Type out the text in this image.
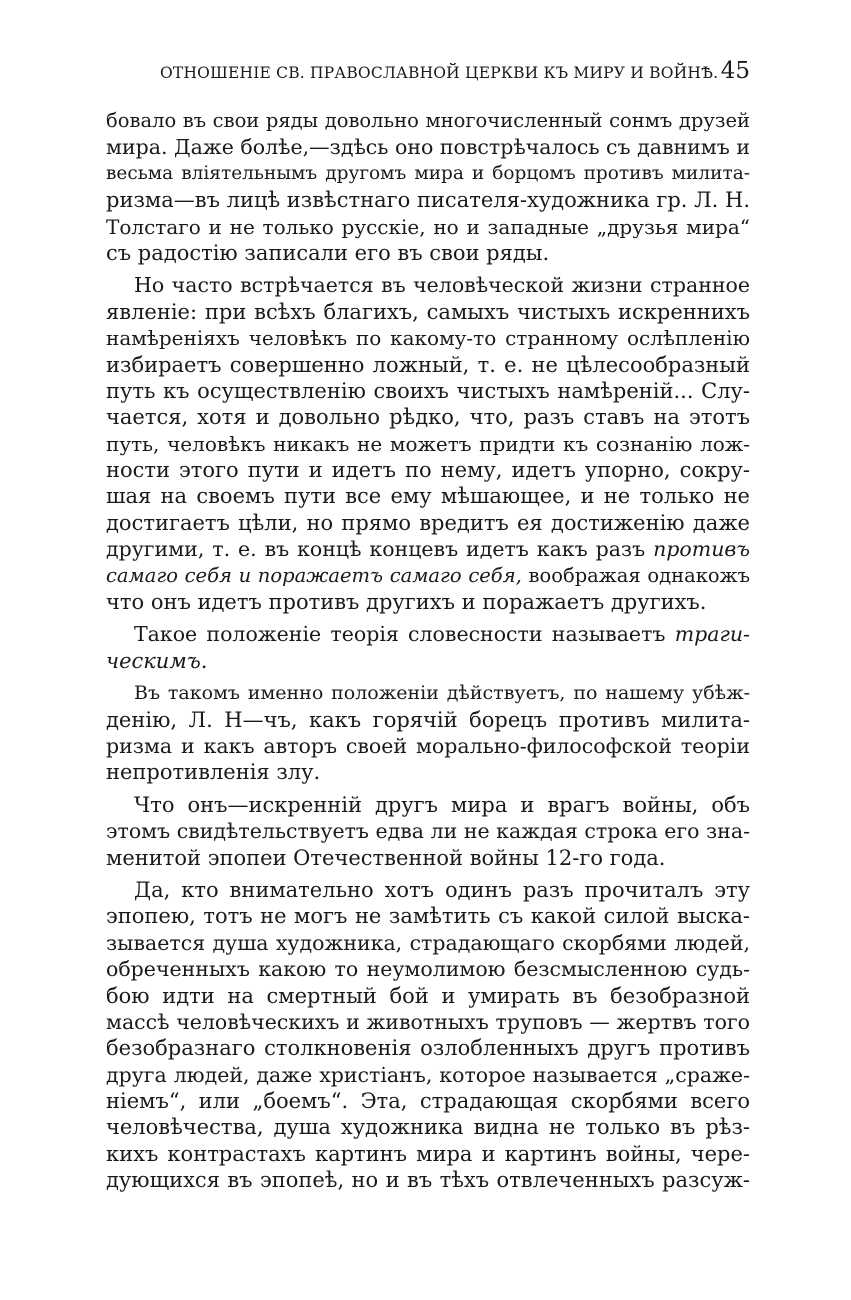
ОТНОШЕНІЕ СВ. ПРАВОСЛАВНОЙ ЦЕРКВИ КЪ МИРУ И ВОЙНѢ. 45
бовало въ свои ряды довольно многочисленный сонмъ друзей
мира. Даже болѣе,—здѣсь оно повстрѣчалось съ давнимъ и
весьма вліятельнымъ другомъ мира и борцомъ противъ милита-
ризма—въ лицѣ извѣстнаго писателя-художника гр. Л. Н.
Толстаго и не только русскіе, но и западные „друзья мира“
съ радостію записали его въ свои ряды.
Но часто встрѣчается въ человѣческой жизни странное
явленіе: при всѣхъ благихъ, самыхъ чистыхъ искреннихъ
намѣреніяхъ человѣкъ по какому-то странному ослѣпленію
избираетъ совершенно ложный, т. е. не цѣлесообразный
путь къ осуществленію своихъ чистыхъ намѣреній... Слу-
чается, хотя и довольно рѣдко, что, разъ ставъ на этотъ
путь, человѣкъ никакъ не можетъ придти къ сознанію лож-
ности этого пути и идетъ по нему, идетъ упорно, сокру-
шая на своемъ пути все ему мѣшающее, и не только не
достигаетъ цѣли, но прямо вредитъ ея достиженію даже
другими, т. е. въ концѣ концевъ идетъ какъ разъ противъ
самаго себя и поражаетъ самаго себя, воображая однакожъ
что онъ идетъ противъ другихъ и поражаетъ другихъ.
Такое положеніе теорія словесности называетъ траги-
ческимъ.
Въ такомъ именно положеніи дѣйствуетъ, по нашему убѣж-
денію, Л. Н—чъ, какъ горячій борецъ противъ милита-
ризма и какъ авторъ своей морально-философской теоріи
непротивленія злу.
Что онъ—искренній другъ мира и врагъ войны, объ
этомъ свидѣтельствуетъ едва ли не каждая строка его зна-
менитой эпопеи Отечественной войны 12-го года.
Да, кто внимательно хотъ одинъ разъ прочиталъ эту
эпопею, тотъ не могъ не замѣтить съ какой силой выска-
зывается душа художника, страдающаго скорбями людей,
обреченныхъ какою то неумолимою безсмысленною судь-
бою идти на смертный бой и умирать въ безобразной
массѣ человѣческихъ и животныхъ труповъ — жертвъ того
безобразнаго столкновенія озлобленныхъ другъ противъ
друга людей, даже христіанъ, которое называется „сраже-
ніемъ“, или „боемъ“. Эта, страдающая скорбями всего
человѣчества, душа художника видна не только въ рѣз-
кихъ контрастахъ картинъ мира и картинъ войны, чере-
дующихся въ эпопеѣ, но и въ тѣхъ отвлеченныхъ разсуж-
